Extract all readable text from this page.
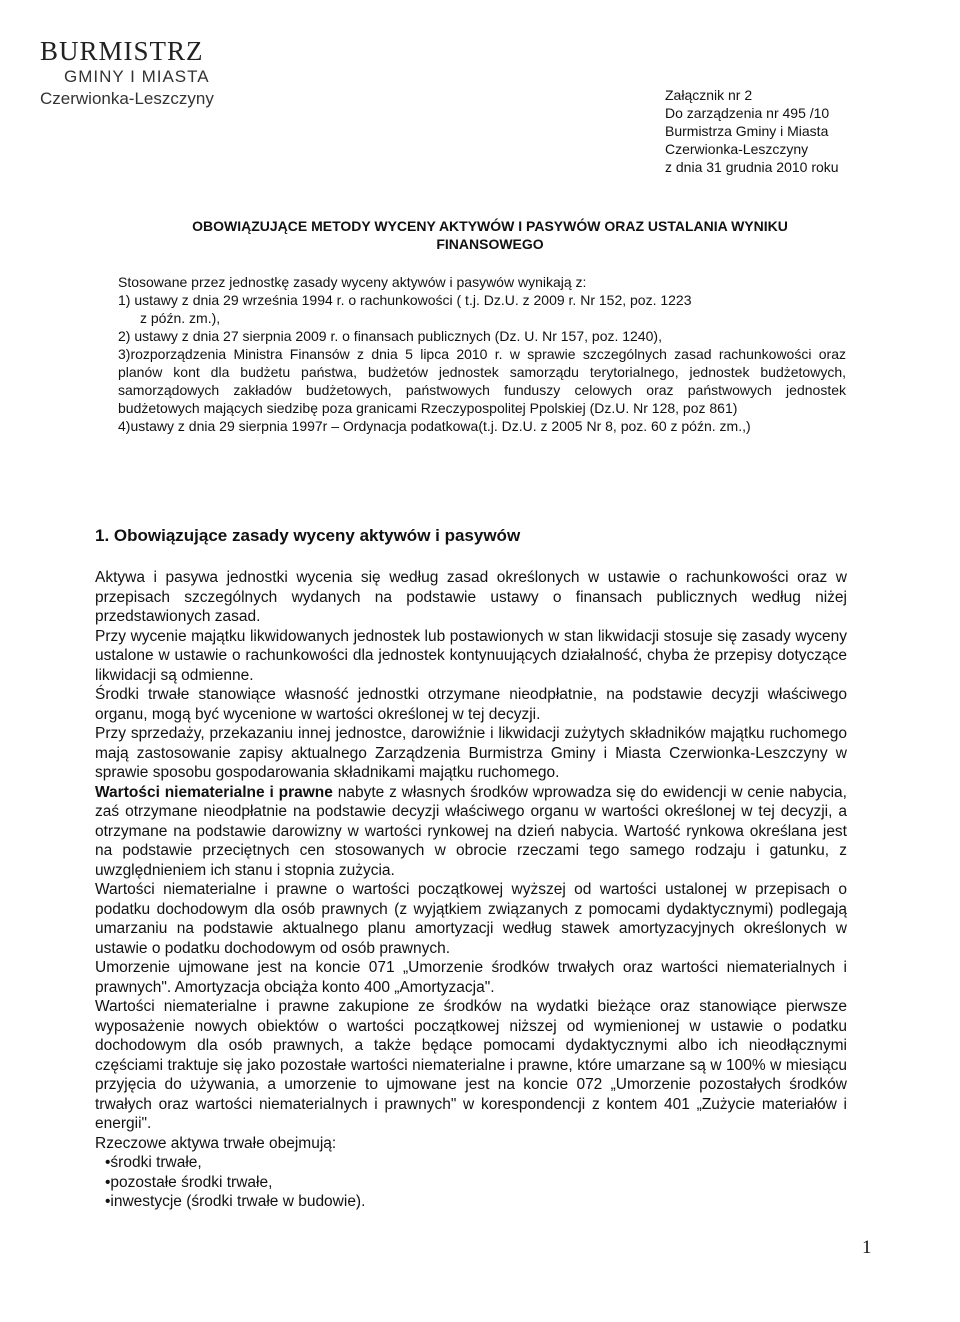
BURMISTRZ
GMINY I MIASTA
Czerwionka-Leszczyny	Załącznik nr 2
Do zarządzenia nr 495 /10
Burmistrza Gminy i Miasta
Czerwionka-Leszczyny
z dnia 31 grudnia 2010 roku
OBOWIĄZUJĄCE METODY WYCENY AKTYWÓW I PASYWÓW ORAZ USTALANIA WYNIKU
FINANSOWEGO
Stosowane przez jednostkę zasady wyceny aktywów i pasywów wynikają z:
1) ustawy z dnia 29 września 1994 r. o rachunkowości ( t.j. Dz.U. z 2009 r. Nr 152, poz. 1223
z późn. zm.),
2) ustawy z dnia 27 sierpnia 2009 r. o finansach publicznych (Dz. U. Nr 157, poz. 1240),
3)rozporządzenia Ministra Finansów z dnia 5 lipca 2010 r. w sprawie szczególnych zasad rachunkowości oraz planów kont dla budżetu państwa, budżetów jednostek samorządu terytorialnego, jednostek budżetowych, samorządowych zakładów budżetowych, państwowych funduszy celowych oraz państwowych jednostek budżetowych mających siedzibę poza granicami Rzeczypospolitej Ppolskiej (Dz.U. Nr 128, poz 861)
4)ustawy z dnia 29 sierpnia 1997r – Ordynacja podatkowa(t.j. Dz.U. z 2005 Nr 8, poz. 60 z późn. zm.,)
1. Obowiązujące zasady wyceny aktywów i pasywów

Aktywa i pasywa jednostki wycenia się według zasad określonych w ustawie o rachunkowości oraz w przepisach szczególnych wydanych na podstawie ustawy o finansach publicznych według niżej przedstawionych zasad.

Przy wycenie majątku likwidowanych jednostek lub postawionych w stan likwidacji stosuje się zasady wyceny ustalone w ustawie o rachunkowości dla jednostek kontynuujących działalność, chyba że przepisy dotyczące likwidacji są odmienne.

Środki trwałe stanowiące własność jednostki otrzymane nieodpłatnie, na podstawie decyzji właściwego organu, mogą być wycenione w wartości określonej w tej decyzji.

Przy sprzedaży, przekazaniu innej jednostce, darowiźnie i likwidacji zużytych składników majątku ruchomego mają zastosowanie zapisy aktualnego Zarządzenia Burmistrza Gminy i Miasta Czerwionka-Leszczyny w sprawie sposobu gospodarowania składnikami majątku ruchomego.

Wartości niematerialne i prawne nabyte z własnych środków wprowadza się do ewidencji w cenie nabycia, zaś otrzymane nieodpłatnie na podstawie decyzji właściwego organu w wartości określonej w tej decyzji, a otrzymane na podstawie darowizny w wartości rynkowej na dzień nabycia. Wartość rynkowa określana jest na podstawie przeciętnych cen stosowanych w obrocie rzeczami tego samego rodzaju i gatunku, z uwzględnieniem ich stanu i stopnia zużycia.

Wartości niematerialne i prawne o wartości początkowej wyższej od wartości ustalonej w przepisach o podatku dochodowym dla osób prawnych (z wyjątkiem związanych z pomocami dydaktycznymi) podlegają umarzaniu na podstawie aktualnego planu amortyzacji według stawek amortyzacyjnych określonych w ustawie o podatku dochodowym od osób prawnych.

Umorzenie ujmowane jest na koncie 071 „Umorzenie środków trwałych oraz wartości niematerialnych i prawnych". Amortyzacja obciąża konto 400 „Amortyzacja".

Wartości niematerialne i prawne zakupione ze środków na wydatki bieżące oraz stanowiące pierwsze wyposażenie nowych obiektów o wartości początkowej niższej od wymienionej w ustawie o podatku dochodowym dla osób prawnych, a także będące pomocami dydaktycznymi albo ich nieodłącznymi częściami traktuje się jako pozostałe wartości niematerialne i prawne, które umarzane są w 100% w miesiącu przyjęcia do używania, a umorzenie to ujmowane jest na koncie 072 „Umorzenie pozostałych środków trwałych oraz wartości niematerialnych i prawnych" w korespondencji z kontem 401 „Zużycie materiałów i energii".

Rzeczowe aktywa trwałe obejmują:

•środki trwałe,
•pozostałe środki trwałe,
•inwestycje (środki trwałe w budowie).
1
